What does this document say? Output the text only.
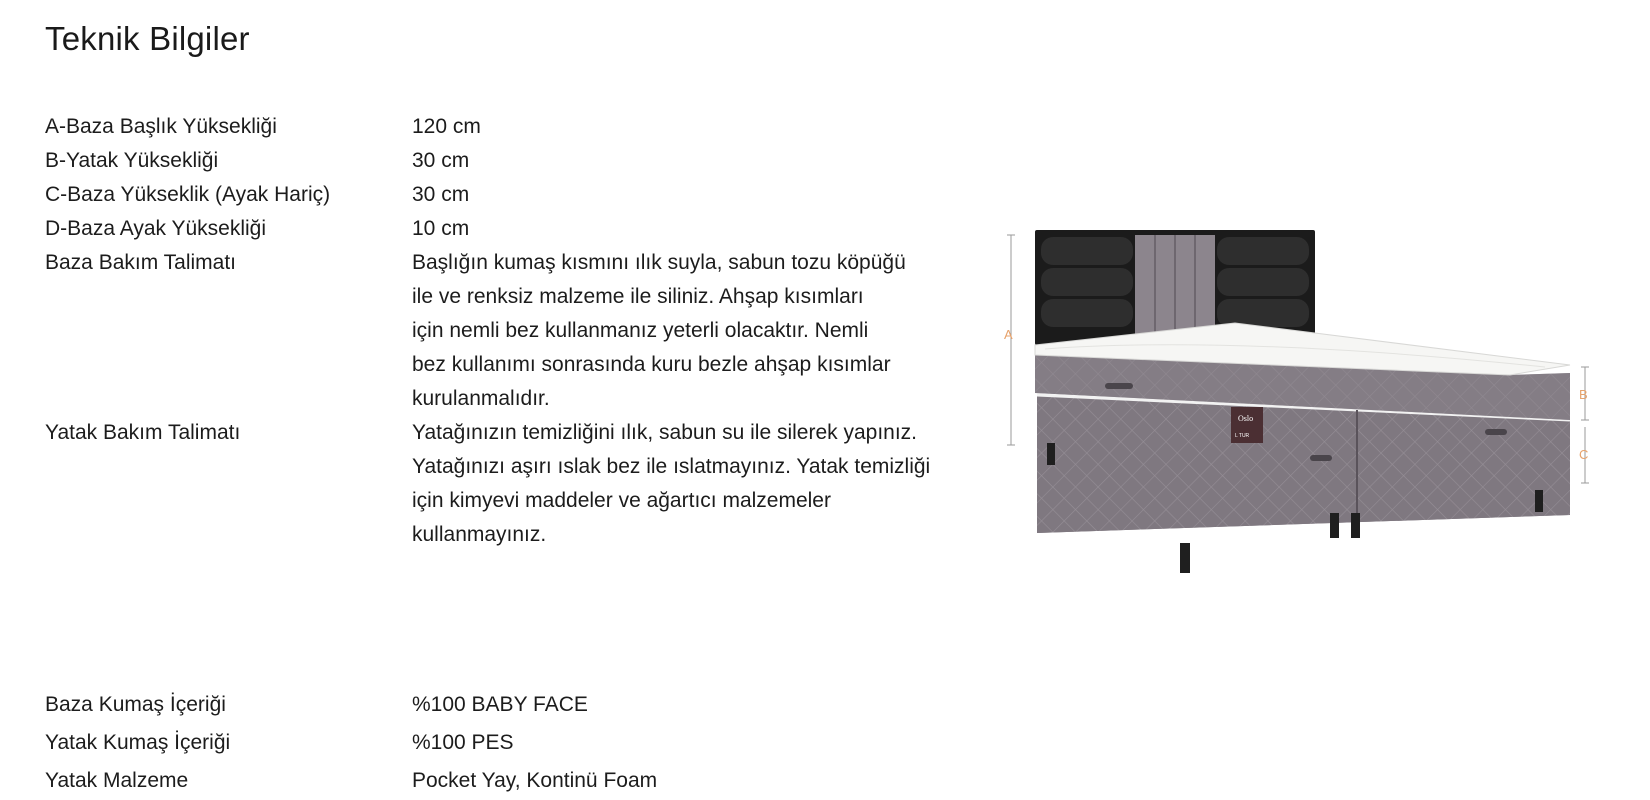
Teknik Bilgiler
A-Baza Başlık Yüksekliği	120 cm
B-Yatak Yüksekliği	30 cm
C-Baza Yükseklik (Ayak Hariç)	30 cm
D-Baza Ayak Yüksekliği	10 cm
Baza Bakım Talimatı	Başlığın kumaş kısmını ılık suyla, sabun tozu köpüğü
ile ve renksiz malzeme ile siliniz. Ahşap kısımları
için nemli bez kullanmanız yeterli olacaktır. Nemli
bez kullanımı sonrasında kuru bezle ahşap kısımlar
kurulanmalıdır.
Yatak Bakım Talimatı	Yatağınızın temizliğini ılık, sabun su ile silerek yapınız.
Yatağınızı aşırı ıslak bez ile ıslatmayınız. Yatak temizliği
için kimyevi maddeler ve ağartıcı malzemeler
kullanmayınız.
Baza Kumaş İçeriği	%100 BABY FACE
Yatak Kumaş İçeriği	%100 PES
Yatak Malzeme	Pocket Yay, Kontinü Foam
A
Oslo
L TUR
B
C
